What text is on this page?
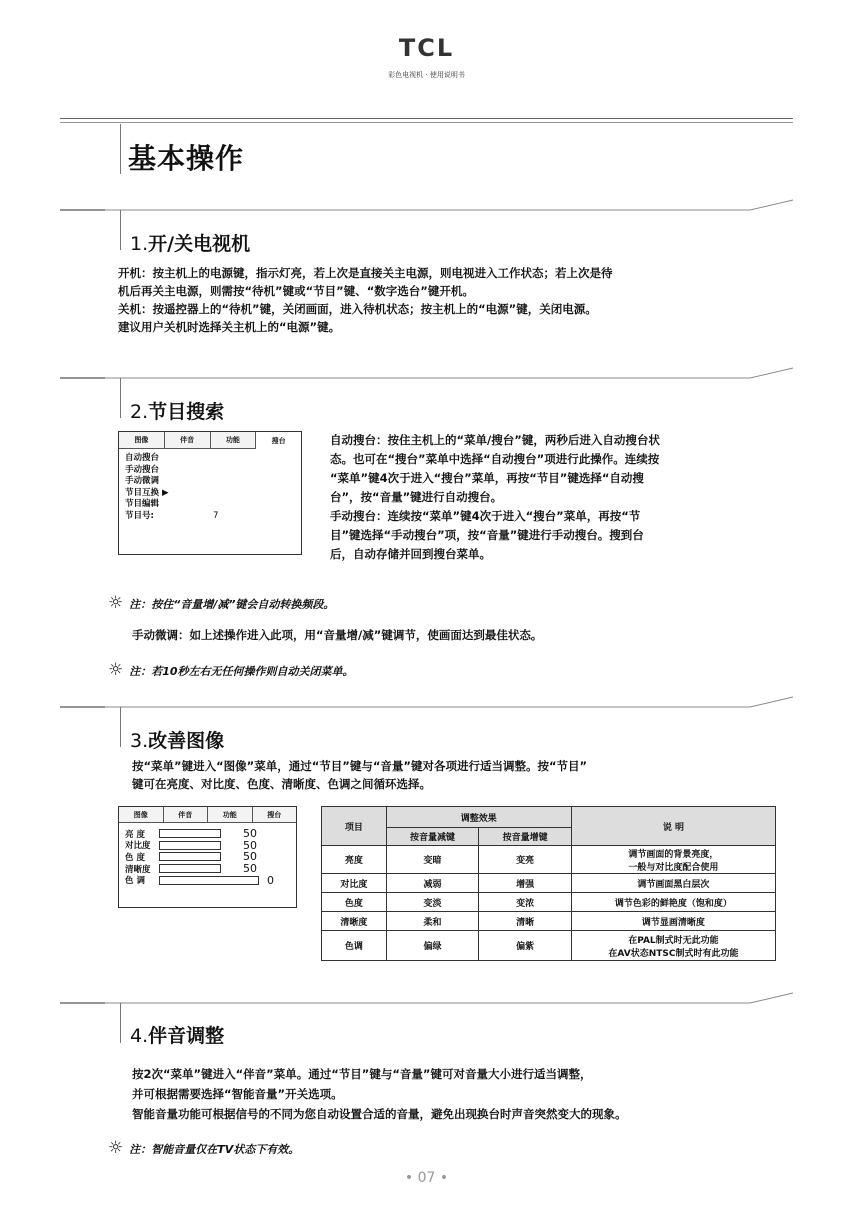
TCL
彩色电视机 · 使用说明书
基本操作
1.开/关电视机
开机：按主机上的电源键，指示灯亮，若上次是直接关主电源，则电视进入工作状态；若上次是待
机后再关主电源，则需按“待机”键或“节目”键、“数字选台”键开机。
关机：按遥控器上的“待机”键，关闭画面，进入待机状态；按主机上的“电源”键，关闭电源。
建议用户关机时选择关主机上的“电源”键。
2.节目搜索
图像	伴音	功能	搜台
自动搜台
手动搜台
手动微调
节目互换 ▶
节目编辑
节目号:	7
自动搜台：按住主机上的“菜单/搜台”键，两秒后进入自动搜台状
态。也可在“搜台”菜单中选择“自动搜台”项进行此操作。连续按
“菜单”键4次于进入“搜台”菜单，再按“节目”键选择“自动搜
台”，按“音量”键进行自动搜台。
手动搜台：连续按“菜单”键4次于进入“搜台”菜单，再按“节
目”键选择“手动搜台”项，按“音量”键进行手动搜台。搜到台
后，自动存储并回到搜台菜单。
☼ 注：按住“音量增/减”键会自动转换频段。
手动微调：如上述操作进入此项，用“音量增/减”键调节，使画面达到最佳状态。
☼ 注：若10秒左右无任何操作则自动关闭菜单。
3.改善图像
按“菜单”键进入“图像”菜单，通过“节目”键与“音量”键对各项进行适当调整。按“节目”
键可在亮度、对比度、色度、清晰度、色调之间循环选择。
图像	伴音	功能	搜台
亮 度	50
对比度	50
色 度	50
清晰度	50
色 调	0
项目	调整效果		说 明
	按音量减键	按音量增键	
亮度	变暗	变亮	调节画面的背景亮度，
一般与对比度配合使用

对比度	减弱	增强	调节画面黑白层次
色度	变淡	变浓	调节色彩的鲜艳度（饱和度）
清晰度	柔和	清晰	调节显画清晰度
色调	偏绿	偏紫	在PAL制式时无此功能
在AV状态NTSC制式时有此功能
4.伴音调整
按2次“菜单”键进入“伴音”菜单。通过“节目”键与“音量”键可对音量大小进行适当调整，
并可根据需要选择“智能音量”开关选项。
智能音量功能可根据信号的不同为您自动设置合适的音量，避免出现换台时声音突然变大的现象。
☼ 注：智能音量仅在TV状态下有效。
• 07 •
